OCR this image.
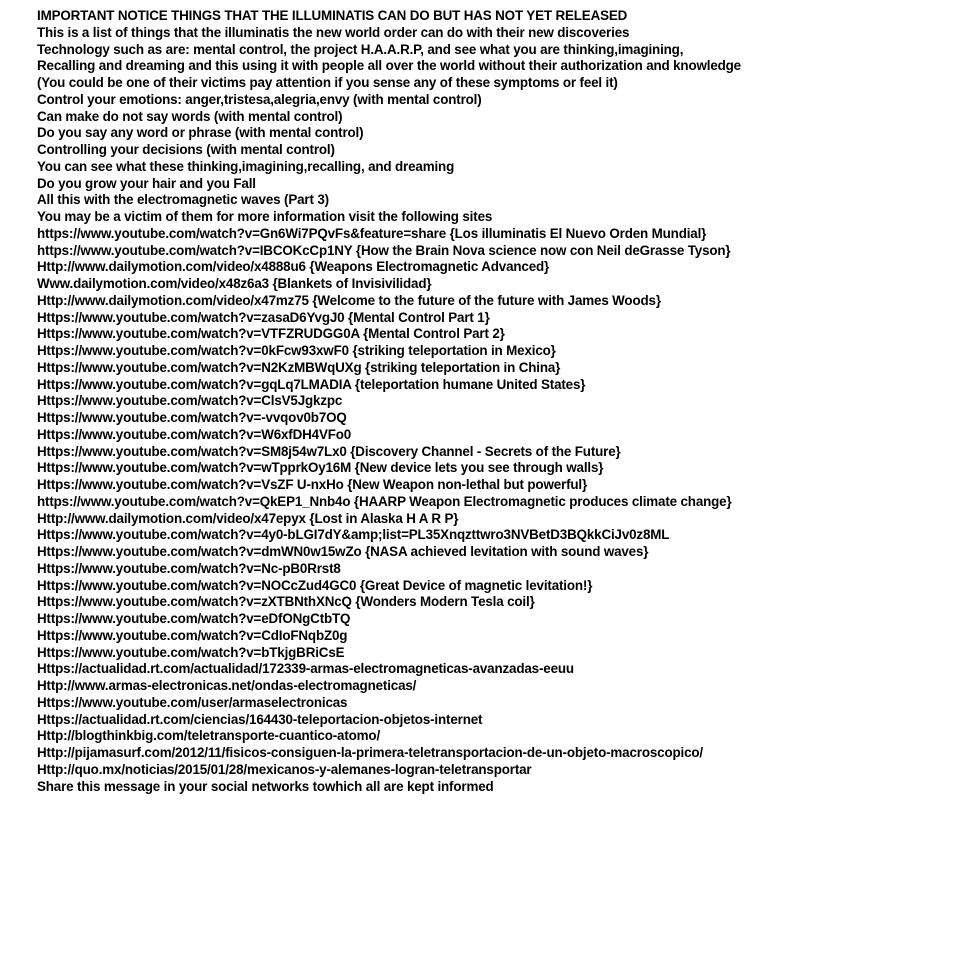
IMPORTANT NOTICE THINGS THAT THE ILLUMINATIS CAN DO BUT HAS NOT YET RELEASED
This is a list of things that the illuminatis the new world order can do with their new discoveries
Technology such as are: mental control, the project H.A.A.R.P, and see what you are thinking,imagining,
Recalling and dreaming and this using it with people all over the world without their authorization and knowledge
(You could be one of their victims pay attention if you sense any of these symptoms or feel it)
Control your emotions: anger,tristesa,alegria,envy (with mental control)
Can make do not say words (with mental control)
Do you say any word or phrase (with mental control)
Controlling your decisions (with mental control)
You can see what these thinking,imagining,recalling, and dreaming
Do you grow your hair and you Fall
All this with the electromagnetic waves (Part 3)
You may be a victim of them for more information visit the following sites
https://www.youtube.com/watch?v=Gn6Wi7PQvFs&feature=share {Los illuminatis El Nuevo Orden Mundial}
https://www.youtube.com/watch?v=IBCOKcCp1NY {How the Brain Nova science now con Neil deGrasse Tyson}
Http://www.dailymotion.com/video/x4888u6 {Weapons Electromagnetic Advanced}
Www.dailymotion.com/video/x48z6a3 {Blankets of Invisivilidad}
Http://www.dailymotion.com/video/x47mz75 {Welcome to the future of the future with James Woods}
Https://www.youtube.com/watch?v=zasaD6YvgJ0 {Mental Control Part 1}
Https://www.youtube.com/watch?v=VTFZRUDGG0A {Mental Control Part 2}
Https://www.youtube.com/watch?v=0kFcw93xwF0 {striking teleportation in Mexico}
Https://www.youtube.com/watch?v=N2KzMBWqUXg {striking teleportation in China}
Https://www.youtube.com/watch?v=gqLq7LMADIA {teleportation humane United States}
Https://www.youtube.com/watch?v=ClsV5Jgkzpc
Https://www.youtube.com/watch?v=-vvqov0b7OQ
Https://www.youtube.com/watch?v=W6xfDH4VFo0
Https://www.youtube.com/watch?v=SM8j54w7Lx0 {Discovery Channel - Secrets of the Future}
Https://www.youtube.com/watch?v=wTpprkOy16M {New device lets you see through walls}
Https://www.youtube.com/watch?v=VsZF U-nxHo {New Weapon non-lethal but powerful}
https://www.youtube.com/watch?v=QkEP1_Nnb4o {HAARP Weapon Electromagnetic produces climate change}
Http://www.dailymotion.com/video/x47epyx {Lost in Alaska H A R P}
Https://www.youtube.com/watch?v=4y0-bLGI7dY&amp;list=PL35Xnqzttwro3NVBetD3BQkkCiJv0z8ML
Https://www.youtube.com/watch?v=dmWN0w15wZo {NASA achieved levitation with sound waves}
Https://www.youtube.com/watch?v=Nc-pB0Rrst8
Https://www.youtube.com/watch?v=NOCcZud4GC0 {Great Device of magnetic levitation!}
Https://www.youtube.com/watch?v=zXTBNthXNcQ {Wonders Modern Tesla coil}
Https://www.youtube.com/watch?v=eDfONgCtbTQ
Https://www.youtube.com/watch?v=CdIoFNqbZ0g
Https://www.youtube.com/watch?v=bTkjgBRiCsE
Https://actualidad.rt.com/actualidad/172339-armas-electromagneticas-avanzadas-eeuu
Http://www.armas-electronicas.net/ondas-electromagneticas/
Https://www.youtube.com/user/armaselectronicas
Https://actualidad.rt.com/ciencias/164430-teleportacion-objetos-internet
Http://blogthinkbig.com/teletransporte-cuantico-atomo/
Http://pijamasurf.com/2012/11/fisicos-consiguen-la-primera-teletransportacion-de-un-objeto-macroscopico/
Http://quo.mx/noticias/2015/01/28/mexicanos-y-alemanes-logran-teletransportar
Share this message in your social networks towhich all are kept informed
